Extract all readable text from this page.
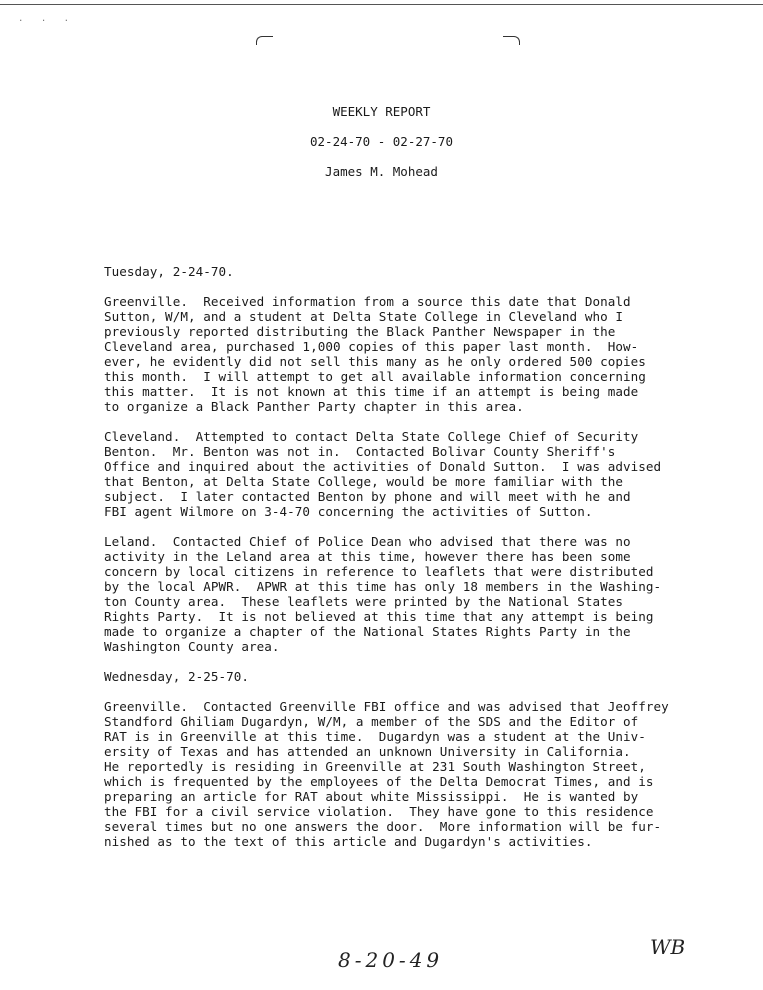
. . .
WEEKLY REPORT
02-24-70 - 02-27-70
James M. Mohead
Tuesday, 2-24-70.
Greenville.  Received information from a source this date that Donald
Sutton, W/M, and a student at Delta State College in Cleveland who I
previously reported distributing the Black Panther Newspaper in the
Cleveland area, purchased 1,000 copies of this paper last month.  How-
ever, he evidently did not sell this many as he only ordered 500 copies
this month.  I will attempt to get all available information concerning
this matter.  It is not known at this time if an attempt is being made
to organize a Black Panther Party chapter in this area.
Cleveland.  Attempted to contact Delta State College Chief of Security
Benton.  Mr. Benton was not in.  Contacted Bolivar County Sheriff's
Office and inquired about the activities of Donald Sutton.  I was advised
that Benton, at Delta State College, would be more familiar with the
subject.  I later contacted Benton by phone and will meet with he and
FBI agent Wilmore on 3-4-70 concerning the activities of Sutton.
Leland.  Contacted Chief of Police Dean who advised that there was no
activity in the Leland area at this time, however there has been some
concern by local citizens in reference to leaflets that were distributed
by the local APWR.  APWR at this time has only 18 members in the Washing-
ton County area.  These leaflets were printed by the National States
Rights Party.  It is not believed at this time that any attempt is being
made to organize a chapter of the National States Rights Party in the
Washington County area.
Wednesday, 2-25-70.
Greenville.  Contacted Greenville FBI office and was advised that Jeoffrey
Standford Ghiliam Dugardyn, W/M, a member of the SDS and the Editor of
RAT is in Greenville at this time.  Dugardyn was a student at the Univ-
ersity of Texas and has attended an unknown University in California.
He reportedly is residing in Greenville at 231 South Washington Street,
which is frequented by the employees of the Delta Democrat Times, and is
preparing an article for RAT about white Mississippi.  He is wanted by
the FBI for a civil service violation.  They have gone to this residence
several times but no one answers the door.  More information will be fur-
nished as to the text of this article and Dugardyn's activities.
8-20-49
WB
